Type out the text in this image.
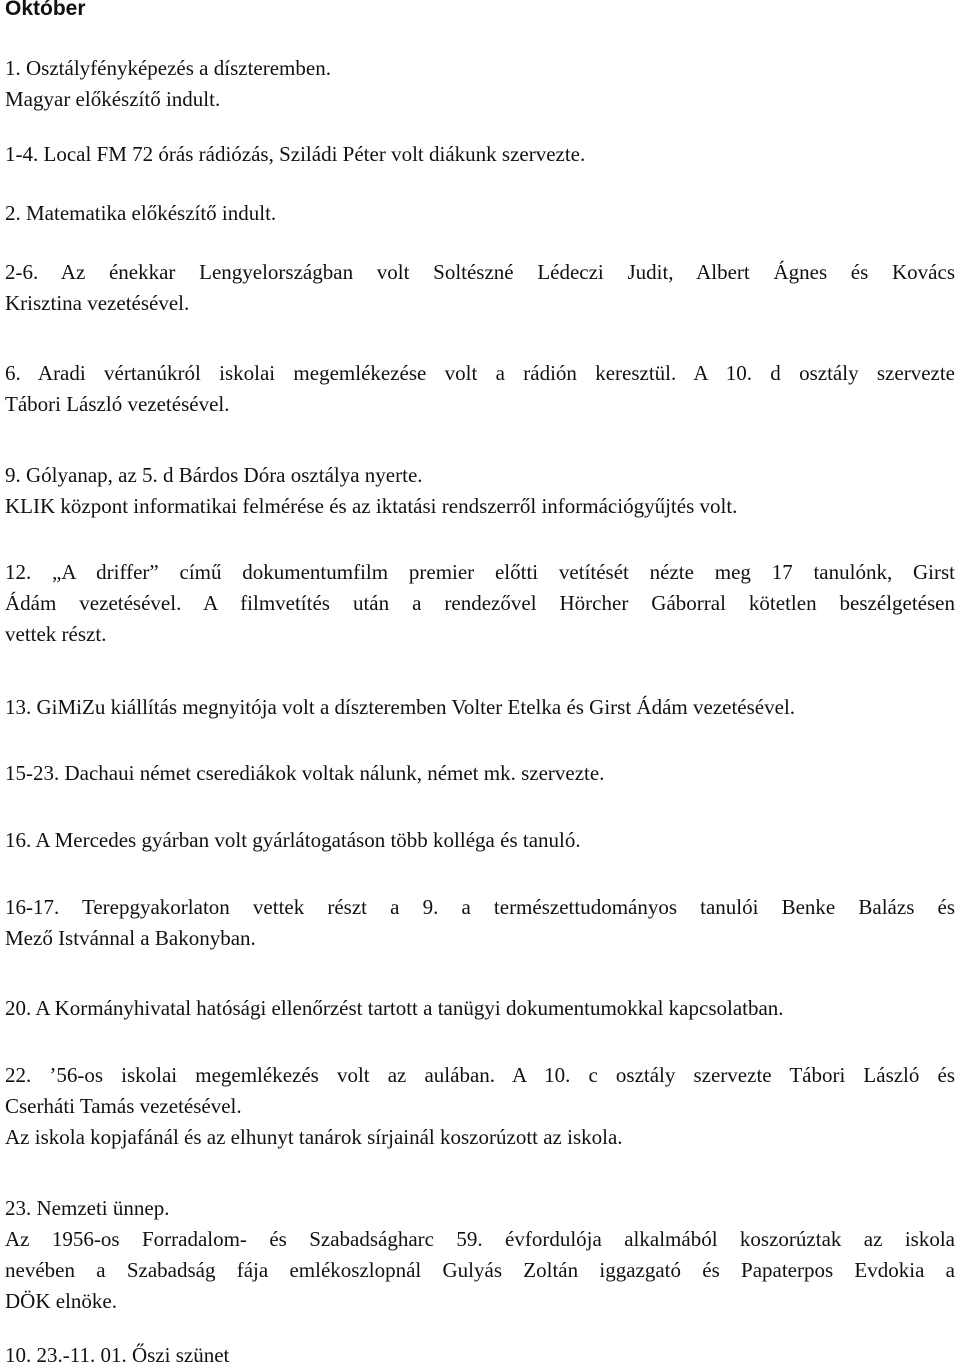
Október
1. Osztályfényképezés a díszteremben.
Magyar előkészítő indult.
1-4. Local FM 72 órás rádiózás, Sziládi Péter volt diákunk szervezte.
2. Matematika előkészítő indult.
2-6. Az énekkar Lengyelországban volt Soltészné Lédeczi Judit, Albert Ágnes és Kovács
Krisztina vezetésével.
6. Aradi vértanúkról iskolai megemlékezése volt a rádión keresztül. A 10. d osztály szervezte
Tábori László vezetésével.
9. Gólyanap, az 5. d Bárdos Dóra osztálya nyerte.
KLIK központ informatikai felmérése és az iktatási rendszerről információgyűjtés volt.
12. „A driffer” című dokumentumfilm premier előtti vetítését nézte meg 17 tanulónk, Girst
Ádám vezetésével. A filmvetítés után a rendezővel Hörcher Gáborral kötetlen beszélgetésen
vettek részt.
13. GiMiZu kiállítás megnyitója volt a díszteremben Volter Etelka és Girst Ádám vezetésével.
15-23. Dachaui német cserediákok voltak nálunk, német mk. szervezte.
16. A Mercedes gyárban volt gyárlátogatáson több kolléga és tanuló.
16-17. Terepgyakorlaton vettek részt a 9. a természettudományos tanulói Benke Balázs és
Mező Istvánnal a Bakonyban.
20. A Kormányhivatal hatósági ellenőrzést tartott a tanügyi dokumentumokkal kapcsolatban.
22. ’56-os iskolai megemlékezés volt az aulában. A 10. c osztály szervezte Tábori László és
Cserháti Tamás vezetésével.
Az iskola kopjafánál és az elhunyt tanárok sírjainál koszorúzott az iskola.
23. Nemzeti ünnep.
Az 1956-os Forradalom- és Szabadságharc 59. évfordulója alkalmából koszorúztak az iskola
nevében a Szabadság fája emlékoszlopnál Gulyás Zoltán iggazgató és Papaterpos Evdokia a
DÖK elnöke.
10. 23.-11. 01. Őszi szünet
